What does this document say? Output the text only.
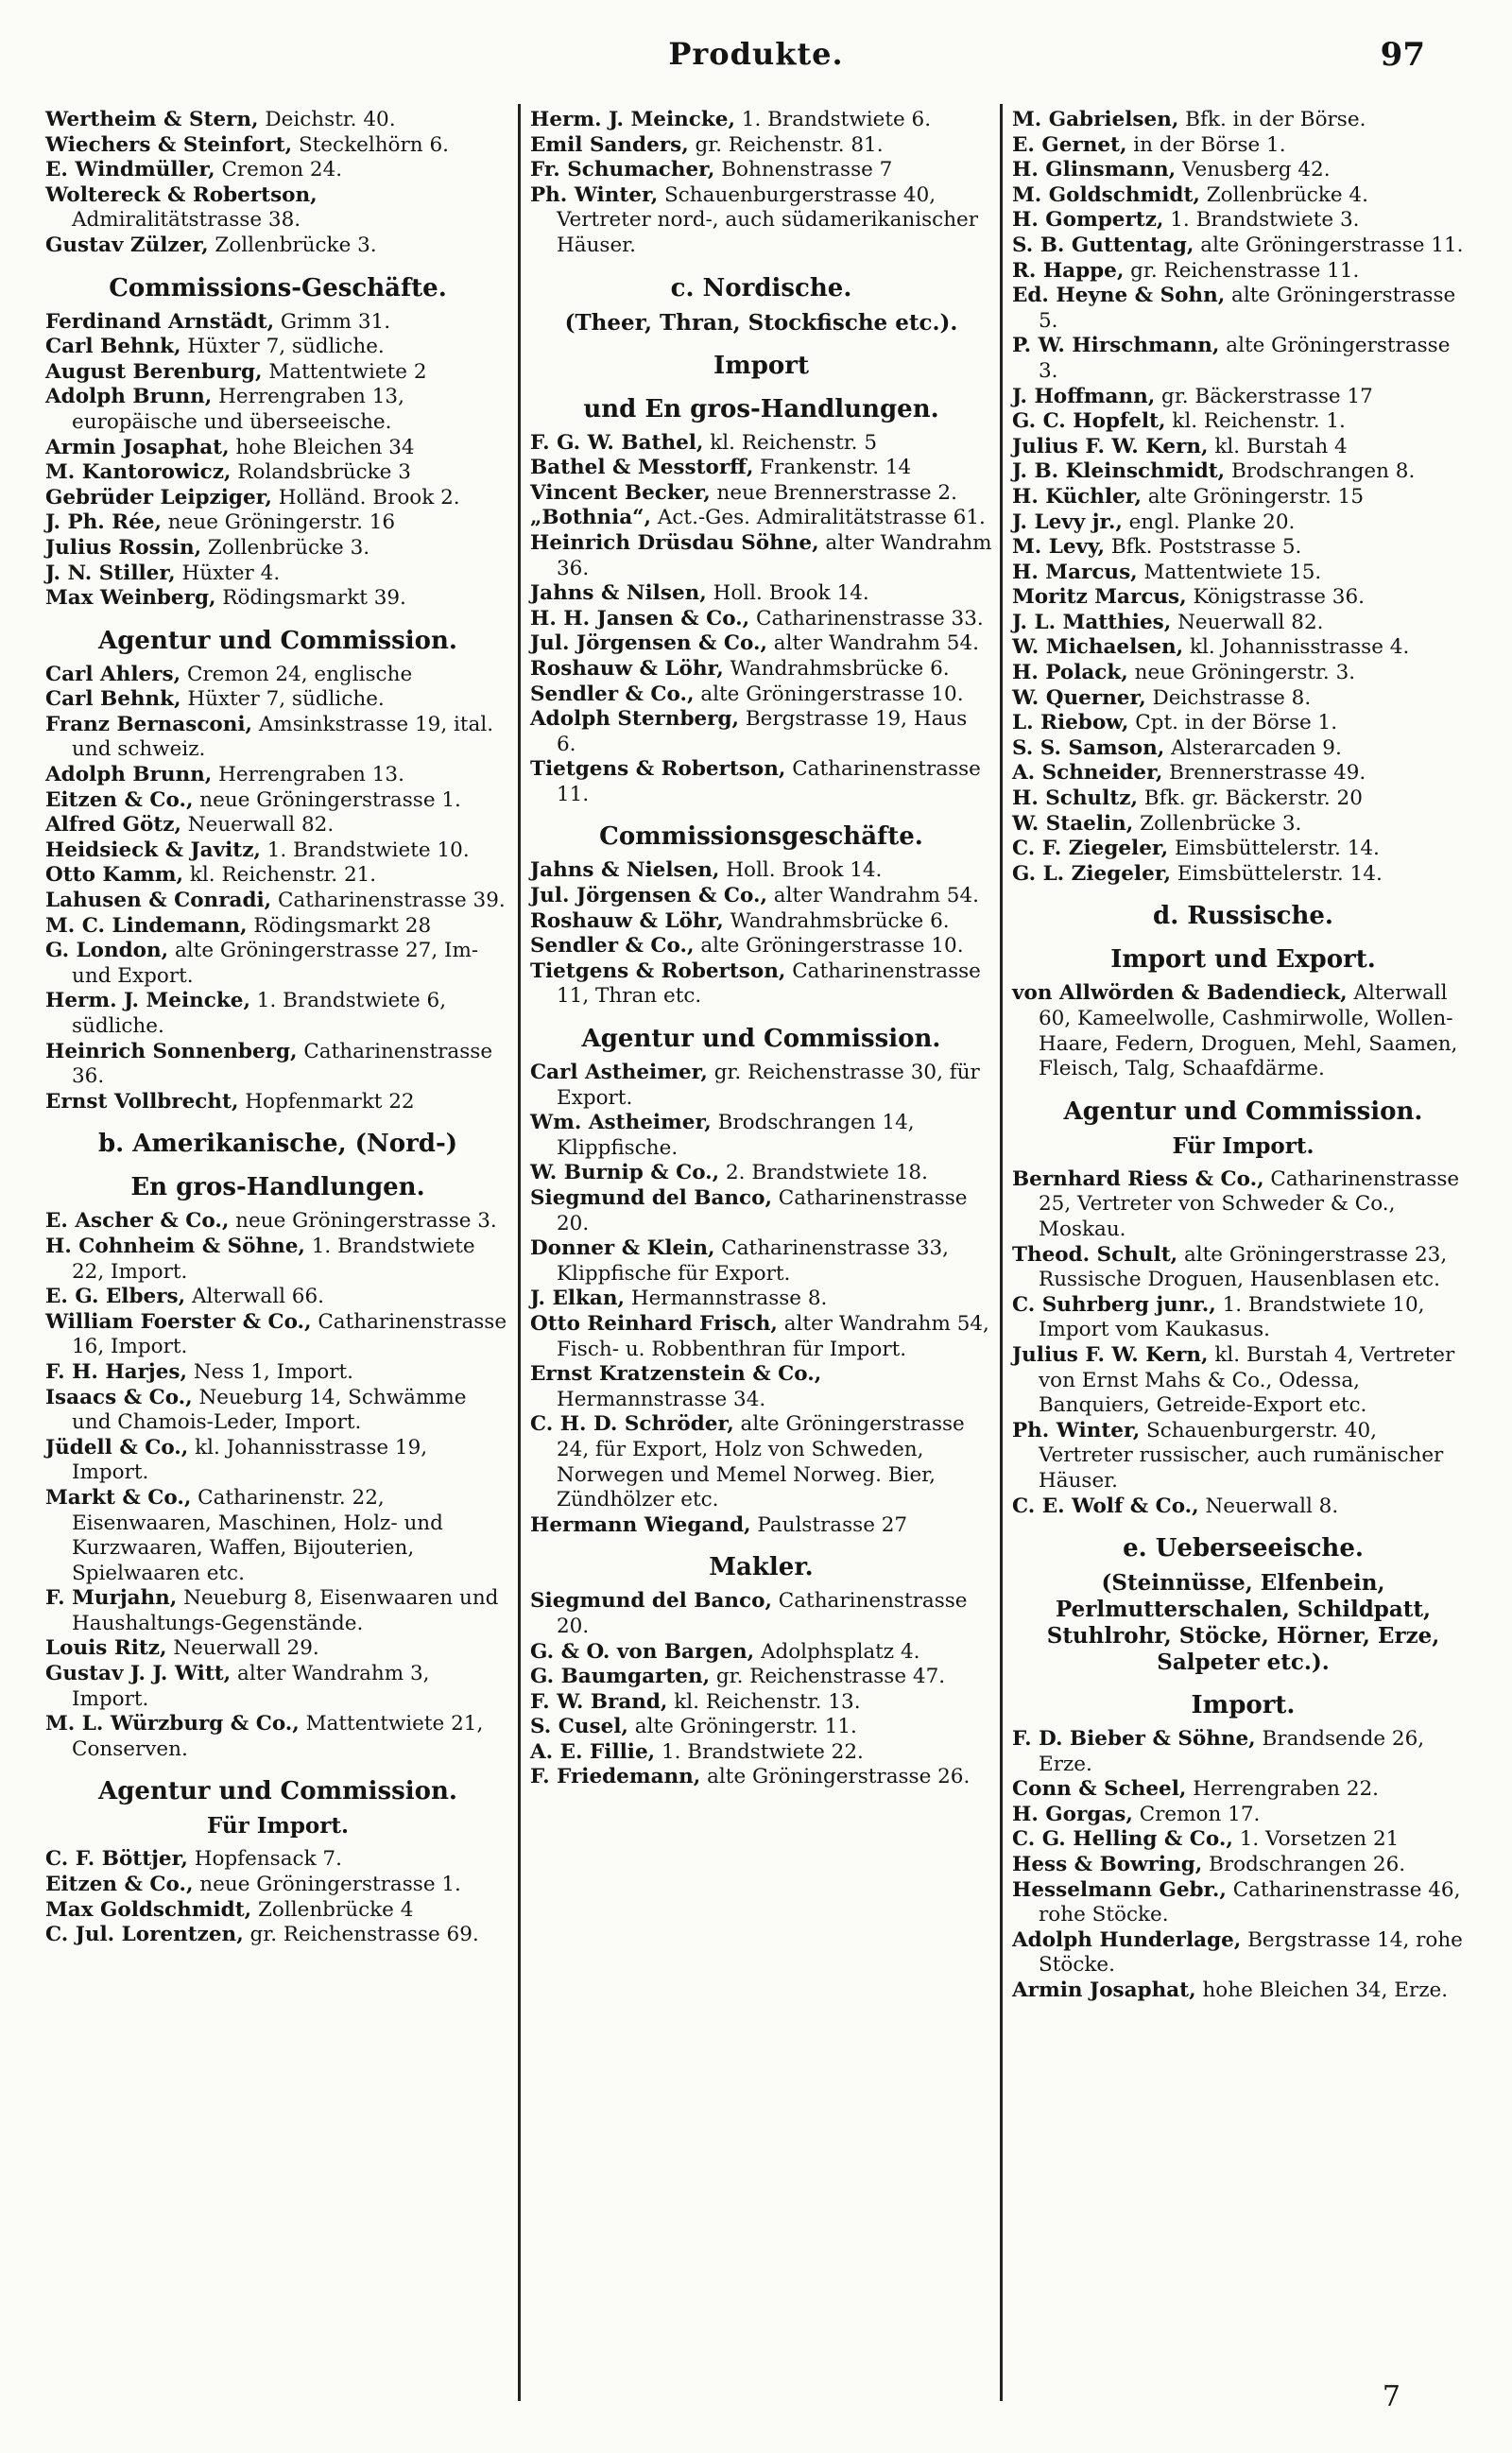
Produkte.	97

Wertheim & Stern, Deichstr. 40.

Wiechers & Steinfort, Steckelhörn 6.

E. Windmüller, Cremon 24.

Woltereck & Robertson, Admiralitätstrasse 38.

Gustav Zülzer, Zollenbrücke 3.

Commissions-Geschäfte.

Ferdinand Arnstädt, Grimm 31.

Carl Behnk, Hüxter 7, südliche.

August Berenburg, Mattentwiete 2

Adolph Brunn, Herrengraben 13, europäische und überseeische.

Armin Josaphat, hohe Bleichen 34

M. Kantorowicz, Rolandsbrücke 3

Gebrüder Leipziger, Holländ. Brook 2.

J. Ph. Rée, neue Gröningerstr. 16

Julius Rossin, Zollenbrücke 3.

J. N. Stiller, Hüxter 4.

Max Weinberg, Rödingsmarkt 39.

Agentur und Commission.

Carl Ahlers, Cremon 24, englische

Carl Behnk, Hüxter 7, südliche.

Franz Bernasconi, Amsinkstrasse 19, ital. und schweiz.

Adolph Brunn, Herrengraben 13.

Eitzen & Co., neue Gröningerstrasse 1.

Alfred Götz, Neuerwall 82.

Heidsieck & Javitz, 1. Brandstwiete 10.

Otto Kamm, kl. Reichenstr. 21.

Lahusen & Conradi, Catharinenstrasse 39.

M. C. Lindemann, Rödingsmarkt 28

G. London, alte Gröningerstrasse 27, Im- und Export.

Herm. J. Meincke, 1. Brandstwiete 6, südliche.

Heinrich Sonnenberg, Catharinenstrasse 36.

Ernst Vollbrecht, Hopfenmarkt 22

b. Amerikanische, (Nord-)
En gros-Handlungen.

E. Ascher & Co., neue Gröningerstrasse 3.

H. Cohnheim & Söhne, 1. Brandstwiete 22, Import.

E. G. Elbers, Alterwall 66.

William Foerster & Co., Catharinenstrasse 16, Import.

F. H. Harjes, Ness 1, Import.

Isaacs & Co., Neueburg 14, Schwämme und Chamois-Leder, Import.

Jüdell & Co., kl. Johannisstrasse 19, Import.

Markt & Co., Catharinenstr. 22, Eisenwaaren, Maschinen, Holz- und Kurzwaaren, Waffen, Bijouterien, Spielwaaren etc.

F. Murjahn, Neueburg 8, Eisenwaaren und Haushaltungs-Gegenstände.

Louis Ritz, Neuerwall 29.

Gustav J. J. Witt, alter Wandrahm 3, Import.

M. L. Würzburg & Co., Mattentwiete 21, Conserven.

Agentur und Commission.
Für Import.

C. F. Böttjer, Hopfensack 7.

Eitzen & Co., neue Gröningerstrasse 1.

Max Goldschmidt, Zollenbrücke 4

C. Jul. Lorentzen, gr. Reichenstrasse 69.

Herm. J. Meincke, 1. Brandstwiete 6.

Emil Sanders, gr. Reichenstr. 81.

Fr. Schumacher, Bohnenstrasse 7

Ph. Winter, Schauenburgerstrasse 40, Vertreter nord-, auch südamerikanischer Häuser.

c. Nordische.
(Theer, Thran, Stockfische etc.).
Import
und En gros-Handlungen.

F. G. W. Bathel, kl. Reichenstr. 5

Bathel & Messtorff, Frankenstr. 14

Vincent Becker, neue Brennerstrasse 2.

„Bothnia“, Act.-Ges. Admiralitätstrasse 61.

Heinrich Drüsdau Söhne, alter Wandrahm 36.

Jahns & Nilsen, Holl. Brook 14.

H. H. Jansen & Co., Catharinenstrasse 33.

Jul. Jörgensen & Co., alter Wandrahm 54.

Roshauw & Löhr, Wandrahmsbrücke 6.

Sendler & Co., alte Gröningerstrasse 10.

Adolph Sternberg, Bergstrasse 19, Haus 6.

Tietgens & Robertson, Catharinenstrasse 11.

Commissionsgeschäfte.

Jahns & Nielsen, Holl. Brook 14.

Jul. Jörgensen & Co., alter Wandrahm 54.

Roshauw & Löhr, Wandrahmsbrücke 6.

Sendler & Co., alte Gröningerstrasse 10.

Tietgens & Robertson, Catharinenstrasse 11, Thran etc.

Agentur und Commission.

Carl Astheimer, gr. Reichenstrasse 30, für Export.

Wm. Astheimer, Brodschrangen 14, Klippfische.

W. Burnip & Co., 2. Brandstwiete 18.

Siegmund del Banco, Catharinenstrasse 20.

Donner & Klein, Catharinenstrasse 33, Klippfische für Export.

J. Elkan, Hermannstrasse 8.

Otto Reinhard Frisch, alter Wandrahm 54, Fisch- u. Robbenthran für Import.

Ernst Kratzenstein & Co., Hermannstrasse 34.

C. H. D. Schröder, alte Gröningerstrasse 24, für Export, Holz von Schweden, Norwegen und Memel Norweg. Bier, Zündhölzer etc.

Hermann Wiegand, Paulstrasse 27

Makler.

Siegmund del Banco, Catharinenstrasse 20.

G. & O. von Bargen, Adolphsplatz 4.

G. Baumgarten, gr. Reichenstrasse 47.

F. W. Brand, kl. Reichenstr. 13.

S. Cusel, alte Gröningerstr. 11.

A. E. Fillie, 1. Brandstwiete 22.

F. Friedemann, alte Gröningerstrasse 26.

M. Gabrielsen, Bfk. in der Börse.

E. Gernet, in der Börse 1.

H. Glinsmann, Venusberg 42.

M. Goldschmidt, Zollenbrücke 4.

H. Gompertz, 1. Brandstwiete 3.

S. B. Guttentag, alte Gröningerstrasse 11.

R. Happe, gr. Reichenstrasse 11.

Ed. Heyne & Sohn, alte Gröningerstrasse 5.

P. W. Hirschmann, alte Gröningerstrasse 3.

J. Hoffmann, gr. Bäckerstrasse 17

G. C. Hopfelt, kl. Reichenstr. 1.

Julius F. W. Kern, kl. Burstah 4

J. B. Kleinschmidt, Brodschrangen 8.

H. Küchler, alte Gröningerstr. 15

J. Levy jr., engl. Planke 20.

M. Levy, Bfk. Poststrasse 5.

H. Marcus, Mattentwiete 15.

Moritz Marcus, Königstrasse 36.

J. L. Matthies, Neuerwall 82.

W. Michaelsen, kl. Johannisstrasse 4.

H. Polack, neue Gröningerstr. 3.

W. Querner, Deichstrasse 8.

L. Riebow, Cpt. in der Börse 1.

S. S. Samson, Alsterarcaden 9.

A. Schneider, Brennerstrasse 49.

H. Schultz, Bfk. gr. Bäckerstr. 20

W. Staelin, Zollenbrücke 3.

C. F. Ziegeler, Eimsbüttelerstr. 14.

G. L. Ziegeler, Eimsbüttelerstr. 14.

d. Russische.
Import und Export.

von Allwörden & Badendieck, Alterwall 60, Kameelwolle, Cashmirwolle, Wollen-Haare, Federn, Droguen, Mehl, Saamen, Fleisch, Talg, Schaafdärme.

Agentur und Commission.
Für Import.

Bernhard Riess & Co., Catharinenstrasse 25, Vertreter von Schweder & Co., Moskau.

Theod. Schult, alte Gröningerstrasse 23, Russische Droguen, Hausenblasen etc.

C. Suhrberg junr., 1. Brandstwiete 10, Import vom Kaukasus.

Julius F. W. Kern, kl. Burstah 4, Vertreter von Ernst Mahs & Co., Odessa, Banquiers, Getreide-Export etc.

Ph. Winter, Schauenburgerstr. 40, Vertreter russischer, auch rumänischer Häuser.

C. E. Wolf & Co., Neuerwall 8.

e. Ueberseeische.
(Steinnüsse, Elfenbein, Perlmutterschalen, Schildpatt, Stuhlrohr, Stöcke, Hörner, Erze, Salpeter etc.).
Import.

F. D. Bieber & Söhne, Brandsende 26, Erze.

Conn & Scheel, Herrengraben 22.

H. Gorgas, Cremon 17.

C. G. Helling & Co., 1. Vorsetzen 21

Hess & Bowring, Brodschrangen 26.

Hesselmann Gebr., Catharinenstrasse 46, rohe Stöcke.

Adolph Hunderlage, Bergstrasse 14, rohe Stöcke.

Armin Josaphat, hohe Bleichen 34, Erze.

7
